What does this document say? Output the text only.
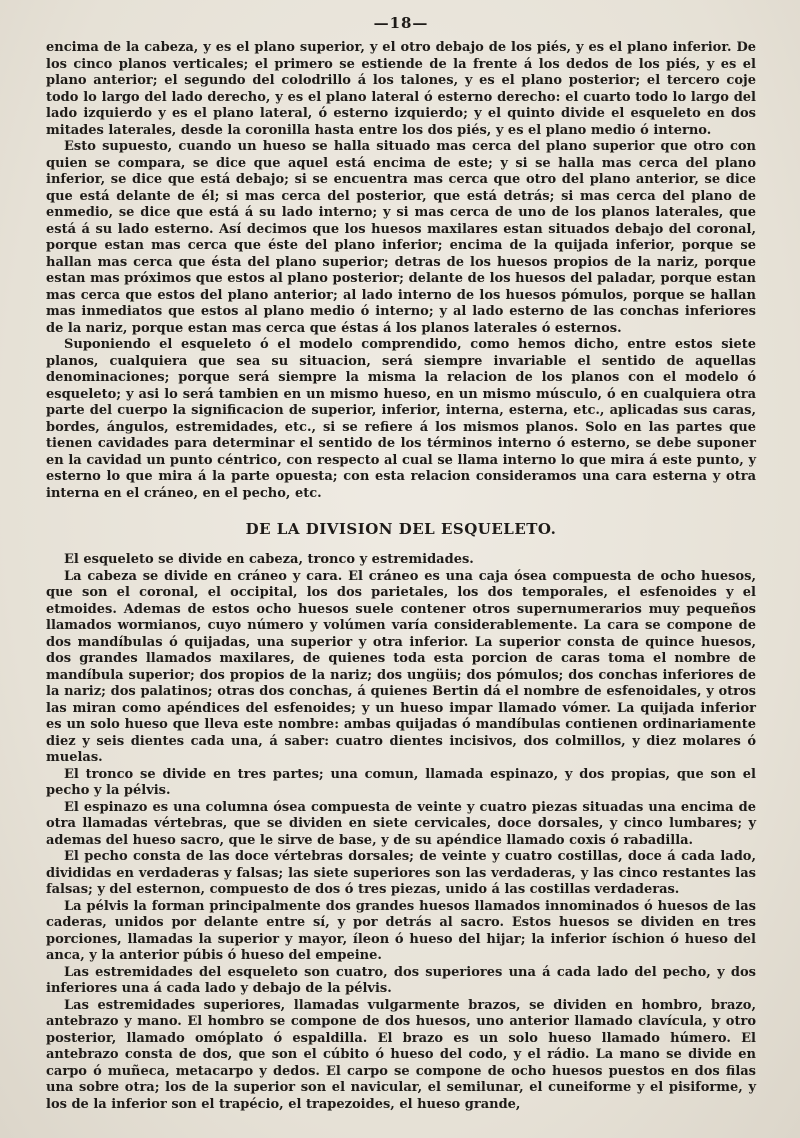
—18—

encima de la cabeza, y es el plano superior, y el otro debajo de los piés, y es el plano inferior. De los cinco planos verticales; el primero se estiende de la frente á los dedos de los piés, y es el plano anterior; el segundo del colodrillo á los talones, y es el plano posterior; el tercero coje todo lo largo del lado derecho, y es el plano lateral ó esterno derecho: el cuarto todo lo largo del lado izquierdo y es el plano lateral, ó esterno izquierdo; y el quinto divide el esqueleto en dos mitades laterales, desde la coronilla hasta entre los dos piés, y es el plano medio ó interno.

Esto supuesto, cuando un hueso se halla situado mas cerca del plano superior que otro con quien se compara, se dice que aquel está encima de este; y si se halla mas cerca del plano inferior, se dice que está debajo; si se encuentra mas cerca que otro del plano anterior, se dice que está delante de él; si mas cerca del posterior, que está detrás; si mas cerca del plano de enmedio, se dice que está á su lado interno; y si mas cerca de uno de los planos laterales, que está á su lado esterno. Así decimos que los huesos maxilares estan situados debajo del coronal, porque estan mas cerca que éste del plano inferior; encima de la quijada inferior, porque se hallan mas cerca que ésta del plano superior; detras de los huesos propios de la nariz, porque estan mas próximos que estos al plano posterior; delante de los huesos del paladar, porque estan mas cerca que estos del plano anterior; al lado interno de los huesos pómulos, porque se hallan mas inmediatos que estos al plano medio ó interno; y al lado esterno de las conchas inferiores de la nariz, porque estan mas cerca que éstas á los planos laterales ó esternos.

Suponiendo el esqueleto ó el modelo comprendido, como hemos dicho, entre estos siete planos, cualquiera que sea su situacion, será siempre invariable el sentido de aquellas denominaciones; porque será siempre la misma la relacion de los planos con el modelo ó esqueleto; y asi lo será tambien en un mismo hueso, en un mismo músculo, ó en cualquiera otra parte del cuerpo la significacion de superior, inferior, interna, esterna, etc., aplicadas sus caras, bordes, ángulos, estremidades, etc., si se refiere á los mismos planos. Solo en las partes que tienen cavidades para determinar el sentido de los términos interno ó esterno, se debe suponer en la cavidad un punto céntrico, con respecto al cual se llama interno lo que mira á este punto, y esterno lo que mira á la parte opuesta; con esta relacion consideramos una cara esterna y otra interna en el cráneo, en el pecho, etc.

DE LA DIVISION DEL ESQUELETO.

El esqueleto se divide en cabeza, tronco y estremidades.

La cabeza se divide en cráneo y cara. El cráneo es una caja ósea compuesta de ocho huesos, que son el coronal, el occipital, los dos parietales, los dos temporales, el esfenoides y el etmoides. Ademas de estos ocho huesos suele contener otros supernumerarios muy pequeños llamados wormianos, cuyo número y volúmen varía considerablemente. La cara se compone de dos mandíbulas ó quijadas, una superior y otra inferior. La superior consta de quince huesos, dos grandes llamados maxilares, de quienes toda esta porcion de caras toma el nombre de mandíbula superior; dos propios de la nariz; dos ungüis; dos pómulos; dos conchas inferiores de la nariz; dos palatinos; otras dos conchas, á quienes Bertin dá el nombre de esfenoidales, y otros las miran como apéndices del esfenoides; y un hueso impar llamado vómer. La quijada inferior es un solo hueso que lleva este nombre: ambas quijadas ó mandíbulas contienen ordinariamente diez y seis dientes cada una, á saber: cuatro dientes incisivos, dos colmillos, y diez molares ó muelas.

El tronco se divide en tres partes; una comun, llamada espinazo, y dos propias, que son el pecho y la pélvis.

El espinazo es una columna ósea compuesta de veinte y cuatro piezas situadas una encima de otra llamadas vértebras, que se dividen en siete cervicales, doce dorsales, y cinco lumbares; y ademas del hueso sacro, que le sirve de base, y de su apéndice llamado coxis ó rabadilla.

El pecho consta de las doce vértebras dorsales; de veinte y cuatro costillas, doce á cada lado, divididas en verdaderas y falsas; las siete superiores son las verdaderas, y las cinco restantes las falsas; y del esternon, compuesto de dos ó tres piezas, unido á las costillas verdaderas.

La pélvis la forman principalmente dos grandes huesos llamados innominados ó huesos de las caderas, unidos por delante entre sí, y por detrás al sacro. Estos huesos se dividen en tres porciones, llamadas la superior y mayor, íleon ó hueso del hijar; la inferior íschion ó hueso del anca, y la anterior púbis ó hueso del empeine.

Las estremidades del esqueleto son cuatro, dos superiores una á cada lado del pecho, y dos inferiores una á cada lado y debajo de la pélvis.

Las estremidades superiores, llamadas vulgarmente brazos, se dividen en hombro, brazo, antebrazo y mano. El hombro se compone de dos huesos, uno anterior llamado clavícula, y otro posterior, llamado omóplato ó espaldilla. El brazo es un solo hueso llamado húmero. El antebrazo consta de dos, que son el cúbito ó hueso del codo, y el rádio. La mano se divide en carpo ó muñeca, metacarpo y dedos. El carpo se compone de ocho huesos puestos en dos filas una sobre otra; los de la superior son el navicular, el semilunar, el cuneiforme y el pisiforme, y los de la inferior son el trapécio, el trapezoides, el hueso grande,
